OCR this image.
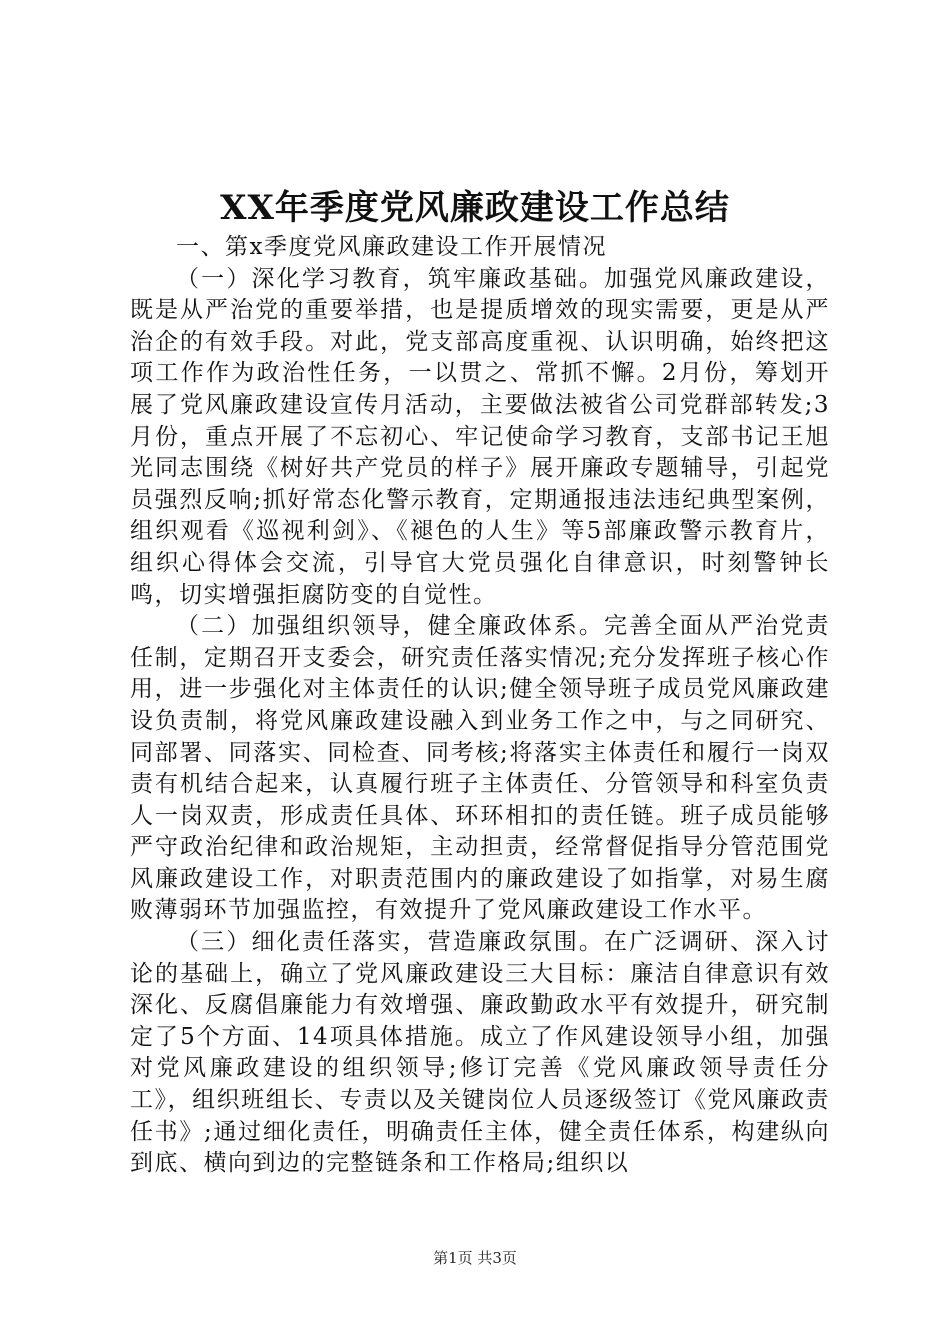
XX年季度党风廉政建设工作总结

一、第x季度党风廉政建设工作开展情况

（一）深化学习教育，筑牢廉政基础。加强党风廉政建设，既是从严治党的重要举措，也是提质增效的现实需要，更是从严治企的有效手段。对此，党支部高度重视、认识明确，始终把这项工作作为政治性任务，一以贯之、常抓不懈。2月份，筹划开展了党风廉政建设宣传月活动，主要做法被省公司党群部转发;3月份，重点开展了不忘初心、牢记使命学习教育，支部书记王旭光同志围绕《树好共产党员的样子》展开廉政专题辅导，引起党员强烈反响;抓好常态化警示教育，定期通报违法违纪典型案例，组织观看《巡视利剑》、《褪色的人生》等5部廉政警示教育片，组织心得体会交流，引导官大党员强化自律意识，时刻警钟长鸣，切实增强拒腐防变的自觉性。

（二）加强组织领导，健全廉政体系。完善全面从严治党责任制，定期召开支委会，研究责任落实情况;充分发挥班子核心作用，进一步强化对主体责任的认识;健全领导班子成员党风廉政建设负责制，将党风廉政建设融入到业务工作之中，与之同研究、同部署、同落实、同检查、同考核;将落实主体责任和履行一岗双责有机结合起来，认真履行班子主体责任、分管领导和科室负责人一岗双责，形成责任具体、环环相扣的责任链。班子成员能够严守政治纪律和政治规矩，主动担责，经常督促指导分管范围党风廉政建设工作，对职责范围内的廉政建设了如指掌，对易生腐败薄弱环节加强监控，有效提升了党风廉政建设工作水平。

（三）细化责任落实，营造廉政氛围。在广泛调研、深入讨论的基础上，确立了党风廉政建设三大目标：廉洁自律意识有效深化、反腐倡廉能力有效增强、廉政勤政水平有效提升，研究制定了5个方面、14项具体措施。成立了作风建设领导小组，加强对党风廉政建设的组织领导;修订完善《党风廉政领导责任分工》，组织班组长、专责以及关键岗位人员逐级签订《党风廉政责任书》;通过细化责任，明确责任主体，健全责任体系，构建纵向到底、横向到边的完整链条和工作格局;组织以

第1页 共3页
